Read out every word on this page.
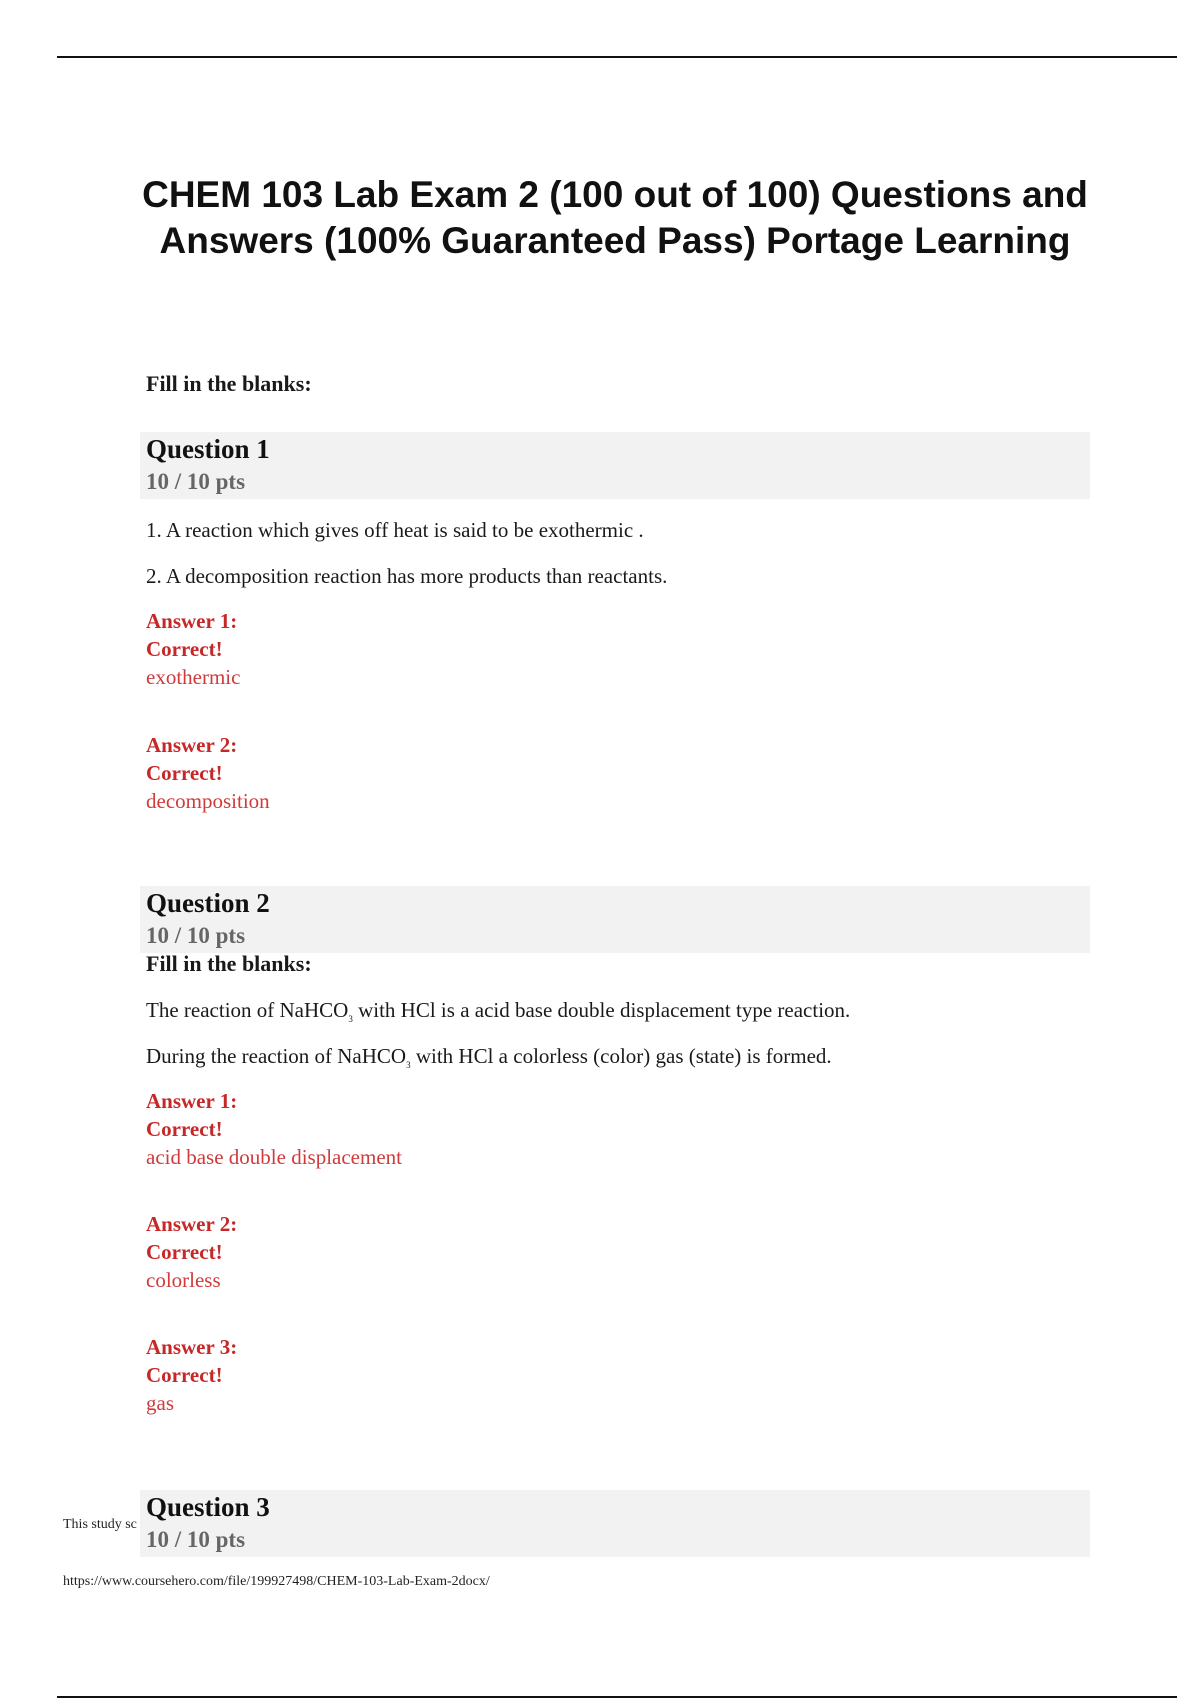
CHEM 103 Lab Exam 2 (100 out of 100) Questions and Answers (100% Guaranteed Pass) Portage Learning

Fill in the blanks:

Question 1
10 / 10 pts

1. A reaction which gives off heat is said to be exothermic .

2. A decomposition reaction has more products than reactants.

Answer 1:
Correct!
exothermic
Answer 2:
Correct!
decomposition
Question 2
10 / 10 pts

Fill in the blanks:

The reaction of NaHCO$_3$ with HCl is a acid base double displacement type reaction.

During the reaction of NaHCO$_3$ with HCl a colorless (color) gas (state) is formed.

Answer 1:
Correct!
acid base double displacement
Answer 2:
Correct!
colorless
Answer 3:
Correct!
gas
Question 3
10 / 10 pts
This study sc
https://www.coursehero.com/file/199927498/CHEM-103-Lab-Exam-2docx/
